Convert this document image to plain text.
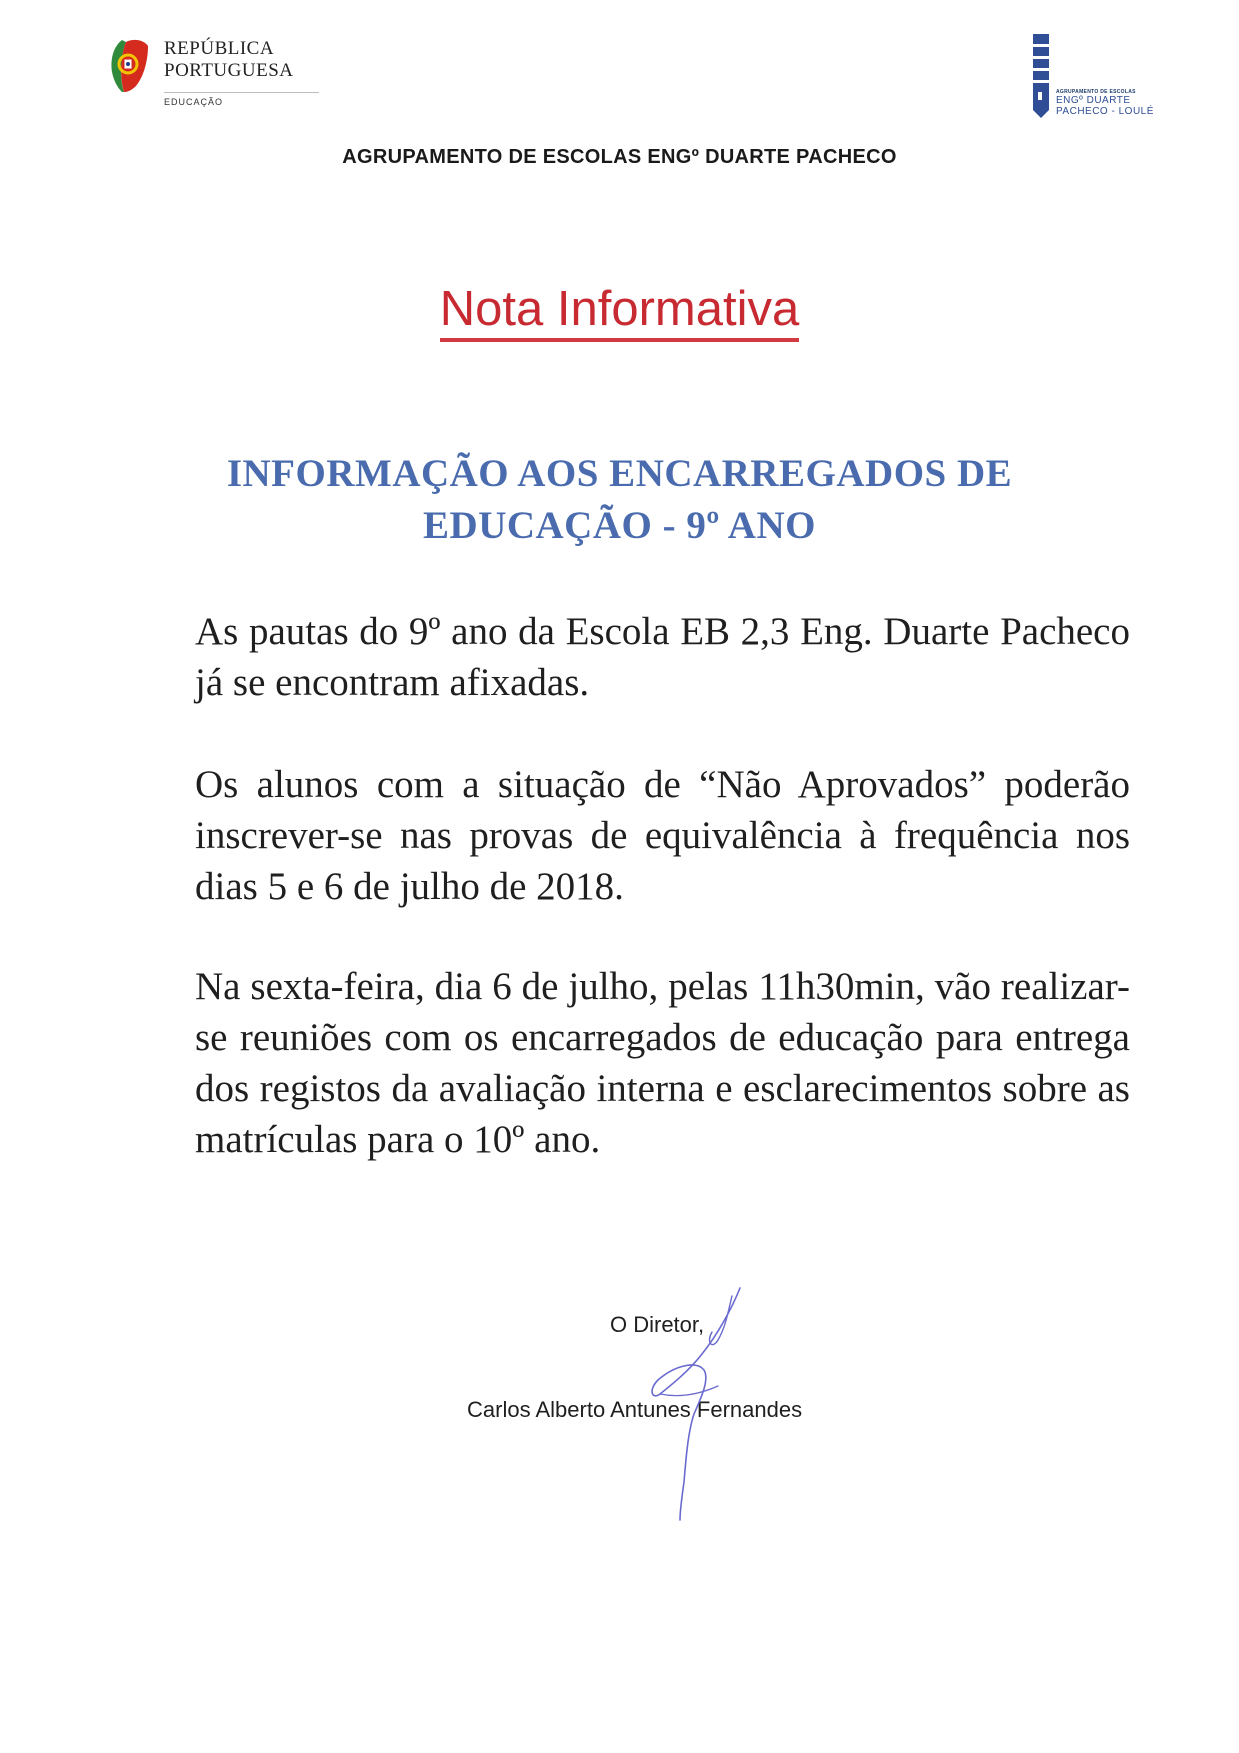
REPÚBLICA
PORTUGUESA
EDUCAÇÃO
AGRUPAMENTO DE ESCOLAS
ENGº DUARTE
PACHECO - LOULÉ
AGRUPAMENTO DE ESCOLAS ENGº DUARTE PACHECO
Nota Informativa
INFORMAÇÃO AOS ENCARREGADOS DE
EDUCAÇÃO - 9º ANO

As pautas do 9º ano da Escola EB 2,3 Eng. Duarte Pacheco já se encontram afixadas.

Os alunos com a situação de “Não Aprovados” poderão inscrever-se nas provas de equivalência à frequência nos dias 5 e 6 de julho de 2018.

Na sexta-feira, dia 6 de julho, pelas 11h30min, vão realizar-se reuniões com os encarregados de educação para entrega dos registos da avaliação interna e esclarecimentos sobre as matrículas para o 10º ano.

O Diretor,
Carlos Alberto Antunes Fernandes
